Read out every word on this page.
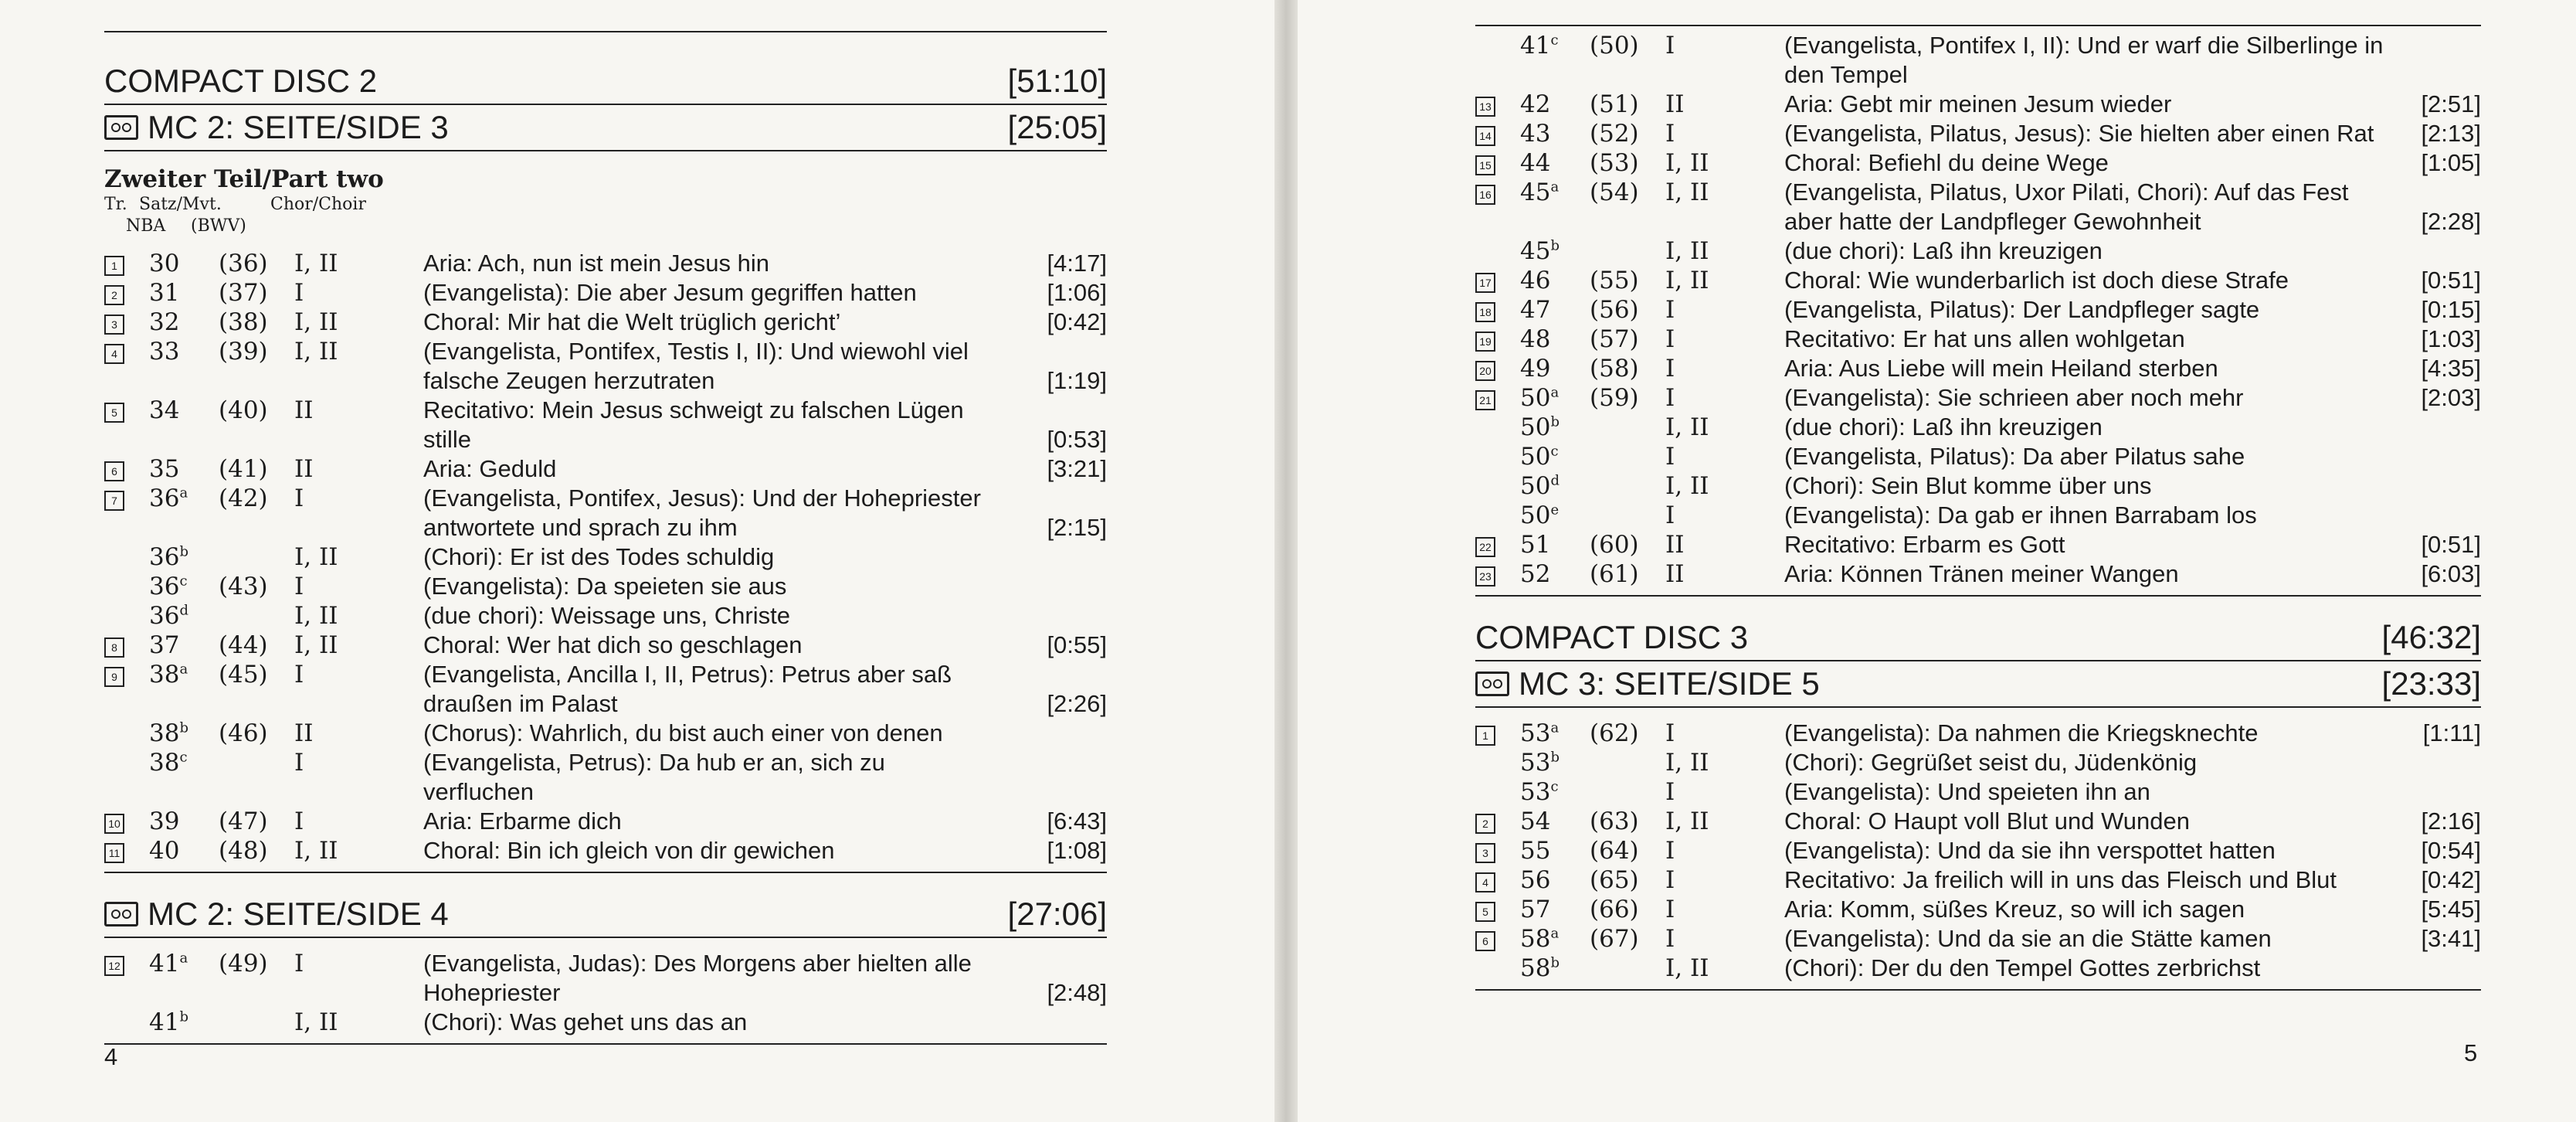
COMPACT DISC 2	[51:10]
MC 2: SEITE/SIDE 3	[25:05]
Zweiter Teil/Part two
Tr. Satz/Mvt.	Chor/Choir
NBA (BWV)
1	30	(36)	I, II	Aria: Ach, nun ist mein Jesus hin	[4:17]
2	31	(37)	I	(Evangelista): Die aber Jesum gegriffen hatten	[1:06]
3	32	(38)	I, II	Choral: Mir hat die Welt trüglich gericht’	[0:42]
4	33	(39)	I, II	(Evangelista, Pontifex, Testis I, II): Und wiewohl viel falsche Zeugen herzutraten	[1:19]
5	34	(40)	II	Recitativo: Mein Jesus schweigt zu falschen Lügen stille	[0:53]
6	35	(41)	II	Aria: Geduld	[3:21]
7	36$^a$	(42)	I	(Evangelista, Pontifex, Jesus): Und der Hohepriester antwortete und sprach zu ihm	[2:15]
36$^b$	I, II	(Chori): Er ist des Todes schuldig
36$^c$	(43)	I	(Evangelista): Da speieten sie aus
36$^d$	I, II	(due chori): Weissage uns, Christe
8	37	(44)	I, II	Choral: Wer hat dich so geschlagen	[0:55]
9	38$^a$	(45)	I	(Evangelista, Ancilla I, II, Petrus): Petrus aber saß draußen im Palast	[2:26]
38$^b$	(46)	II	(Chorus): Wahrlich, du bist auch einer von denen
38$^c$	I	(Evangelista, Petrus): Da hub er an, sich zu verfluchen
10	39	(47)	I	Aria: Erbarme dich	[6:43]
11	40	(48)	I, II	Choral: Bin ich gleich von dir gewichen	[1:08]
MC 2: SEITE/SIDE 4	[27:06]
12	41$^a$	(49)	I	(Evangelista, Judas): Des Morgens aber hielten alle Hohepriester	[2:48]
41$^b$	I, II	(Chori): Was gehet uns das an
4
41$^c$	(50)	I	(Evangelista, Pontifex I, II): Und er warf die Silberlinge in den Tempel
13	42	(51)	II	Aria: Gebt mir meinen Jesum wieder	[2:51]
14	43	(52)	I	(Evangelista, Pilatus, Jesus): Sie hielten aber einen Rat	[2:13]
15	44	(53)	I, II	Choral: Befiehl du deine Wege	[1:05]
16	45$^a$	(54)	I, II	(Evangelista, Pilatus, Uxor Pilati, Chori): Auf das Fest aber hatte der Landpfleger Gewohnheit	[2:28]
45$^b$	I, II	(due chori): Laß ihn kreuzigen
17	46	(55)	I, II	Choral: Wie wunderbarlich ist doch diese Strafe	[0:51]
18	47	(56)	I	(Evangelista, Pilatus): Der Landpfleger sagte	[0:15]
19	48	(57)	I	Recitativo: Er hat uns allen wohlgetan	[1:03]
20	49	(58)	I	Aria: Aus Liebe will mein Heiland sterben	[4:35]
21	50$^a$	(59)	I	(Evangelista): Sie schrieen aber noch mehr	[2:03]
50$^b$	I, II	(due chori): Laß ihn kreuzigen
50$^c$	I	(Evangelista, Pilatus): Da aber Pilatus sahe
50$^d$	I, II	(Chori): Sein Blut komme über uns
50e	I	(Evangelista): Da gab er ihnen Barrabam los
22	51	(60)	II	Recitativo: Erbarm es Gott	[0:51]
23	52	(61)	II	Aria: Können Tränen meiner Wangen	[6:03]
COMPACT DISC 3	[46:32]
MC 3: SEITE/SIDE 5	[23:33]
1	53$^a$	(62)	I	(Evangelista): Da nahmen die Kriegsknechte	[1:11]
53$^b$	I, II	(Chori): Gegrüßet seist du, Jüdenkönig
53$^c$	I	(Evangelista): Und speieten ihn an
2	54	(63)	I, II	Choral: O Haupt voll Blut und Wunden	[2:16]
3	55	(64)	I	(Evangelista): Und da sie ihn verspottet hatten	[0:54]
4	56	(65)	I	Recitativo: Ja freilich will in uns das Fleisch und Blut	[0:42]
5	57	(66)	I	Aria: Komm, süßes Kreuz, so will ich sagen	[5:45]
6	58$^a$	(67)	I	(Evangelista): Und da sie an die Stätte kamen	[3:41]
58$^b$	I, II	(Chori): Der du den Tempel Gottes zerbrichst
5
